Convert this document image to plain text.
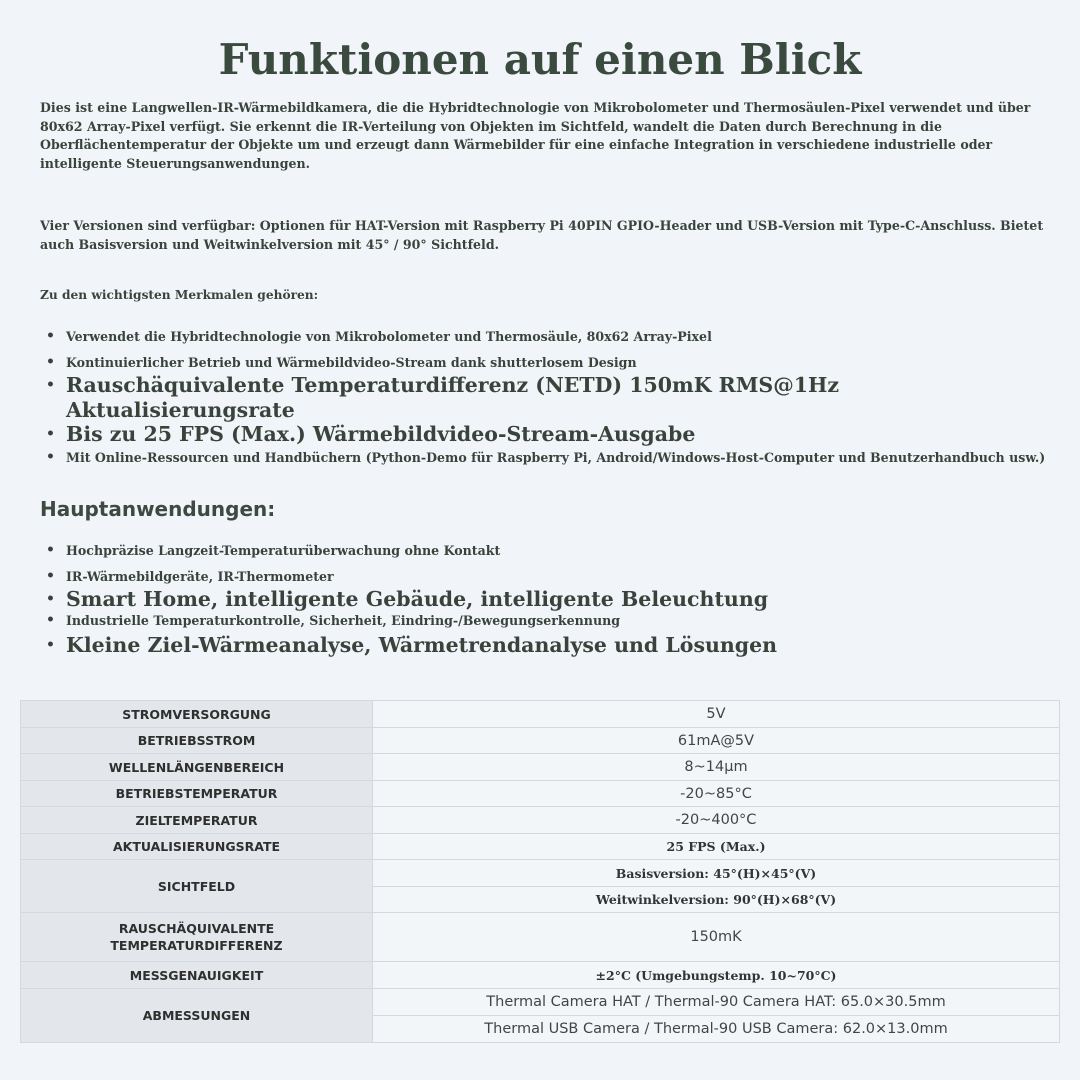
Funktionen auf einen Blick

Dies ist eine Langwellen-IR-Wärmebildkamera, die die Hybridtechnologie von Mikrobolometer und Thermosäulen-Pixel verwendet und über 80x62 Array-Pixel verfügt. Sie erkennt die IR-Verteilung von Objekten im Sichtfeld, wandelt die Daten durch Berechnung in die Oberflächentemperatur der Objekte um und erzeugt dann Wärmebilder für eine einfache Integration in verschiedene industrielle oder intelligente Steuerungsanwendungen.

Vier Versionen sind verfügbar: Optionen für HAT-Version mit Raspberry Pi 40PIN GPIO-Header und USB-Version mit Type-C-Anschluss. Bietet auch Basisversion und Weitwinkelversion mit 45° / 90° Sichtfeld.

Zu den wichtigsten Merkmalen gehören:

• Verwendet die Hybridtechnologie von Mikrobolometer und Thermosäule, 80x62 Array-Pixel
• Kontinuierlicher Betrieb und Wärmebildvideo-Stream dank shutterlosem Design
• Rauschäquivalente Temperaturdifferenz (NETD) 150mK RMS@1Hz Aktualisierungsrate
• Bis zu 25 FPS (Max.) Wärmebildvideo-Stream-Ausgabe
• Mit Online-Ressourcen und Handbüchern (Python-Demo für Raspberry Pi, Android/Windows-Host-Computer und Benutzerhandbuch usw.)
Hauptanwendungen:
• Hochpräzise Langzeit-Temperaturüberwachung ohne Kontakt
• IR-Wärmebildgeräte, IR-Thermometer
• Smart Home, intelligente Gebäude, intelligente Beleuchtung
• Industrielle Temperaturkontrolle, Sicherheit, Eindring-/Bewegungserkennung
• Kleine Ziel-Wärmeanalyse, Wärmetrendanalyse und Lösungen
STROMVERSORGUNG	5V
BETRIEBSSTROM	61mA@5V
WELLENLÄNGENBEREICH	8~14μm
BETRIEBSTEMPERATUR	-20~85°C
ZIELTEMPERATUR	-20~400°C
AKTUALISIERUNGSRATE	25 FPS (Max.)
SICHTFELD	Basisversion: 45°(H)×45°(V)
	Weitwinkelversion: 90°(H)×68°(V)
RAUSCHÄQUIVALENTE
TEMPERATURDIFFERENZ	150mK
MESSGENAUIGKEIT	±2°C (Umgebungstemp. 10~70°C)
ABMESSUNGEN	Thermal Camera HAT / Thermal-90 Camera HAT: 65.0×30.5mm
	Thermal USB Camera / Thermal-90 USB Camera: 62.0×13.0mm
